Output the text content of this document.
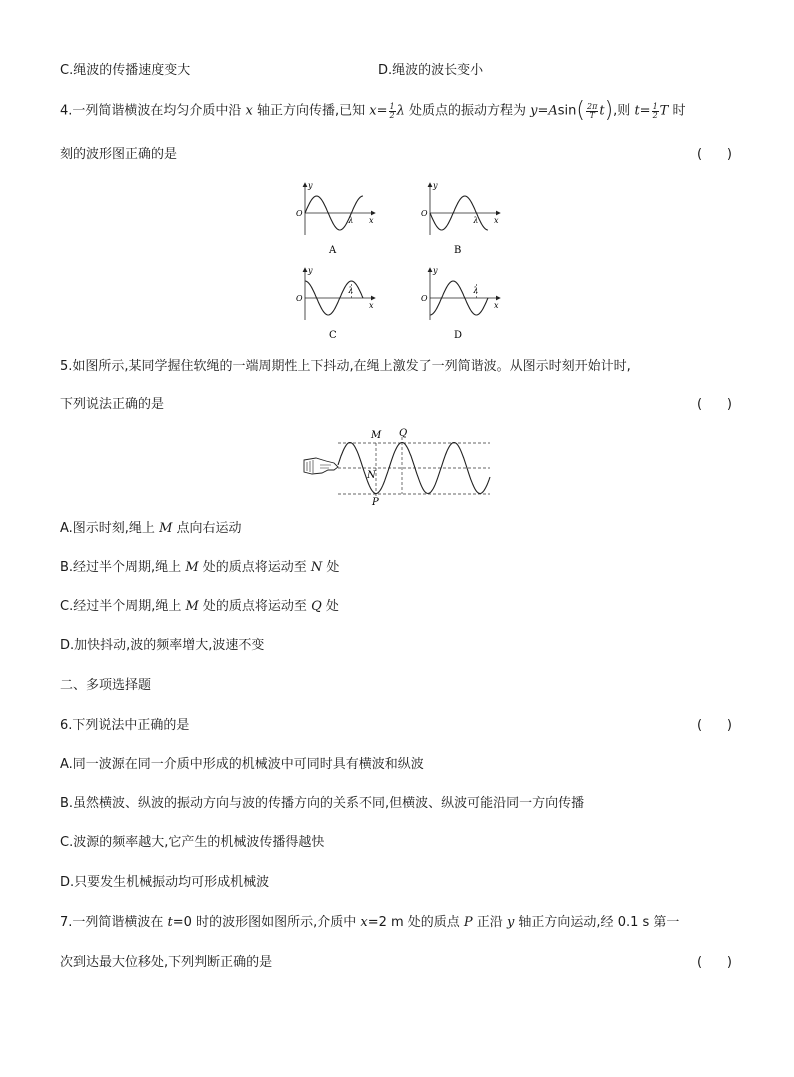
C.绳波的传播速度变大	D.绳波的波长变小
4.一列简谐横波在均匀介质中沿 x 轴正方向传播,已知 $x= \frac{1}{2}$ λ 处质点的振动方程为 $y=Asin( \frac{2\pi}{T} t)$,则 $t= \frac{1}{2}$ T 时
刻的波形图正确的是	(      )
y
x
O
λ
A
y
x
O
λ
B
y
x
O
λ
C
y
x
O
λ
D
5.如图所示,某同学握住软绳的一端周期性上下抖动,在绳上激发了一列简谐波。从图示时刻开始计时,
下列说法正确的是	(      )
M Q
N
P
A.图示时刻,绳上 M 点向右运动
B.经过半个周期,绳上 M 处的质点将运动至 N 处
C.经过半个周期,绳上 M 处的质点将运动至 Q 处
D.加快抖动,波的频率增大,波速不变
二、多项选择题
6.下列说法中正确的是	(      )
A.同一波源在同一介质中形成的机械波中可同时具有横波和纵波
B.虽然横波、纵波的振动方向与波的传播方向的关系不同,但横波、纵波可能沿同一方向传播
C.波源的频率越大,它产生的机械波传播得越快
D.只要发生机械振动均可形成机械波
7.一列简谐横波在 t=0 时的波形图如图所示,介质中 x=2 m 处的质点 P 正沿 y 轴正方向运动,经 0.1 s 第一
次到达最大位移处,下列判断正确的是	(      )
